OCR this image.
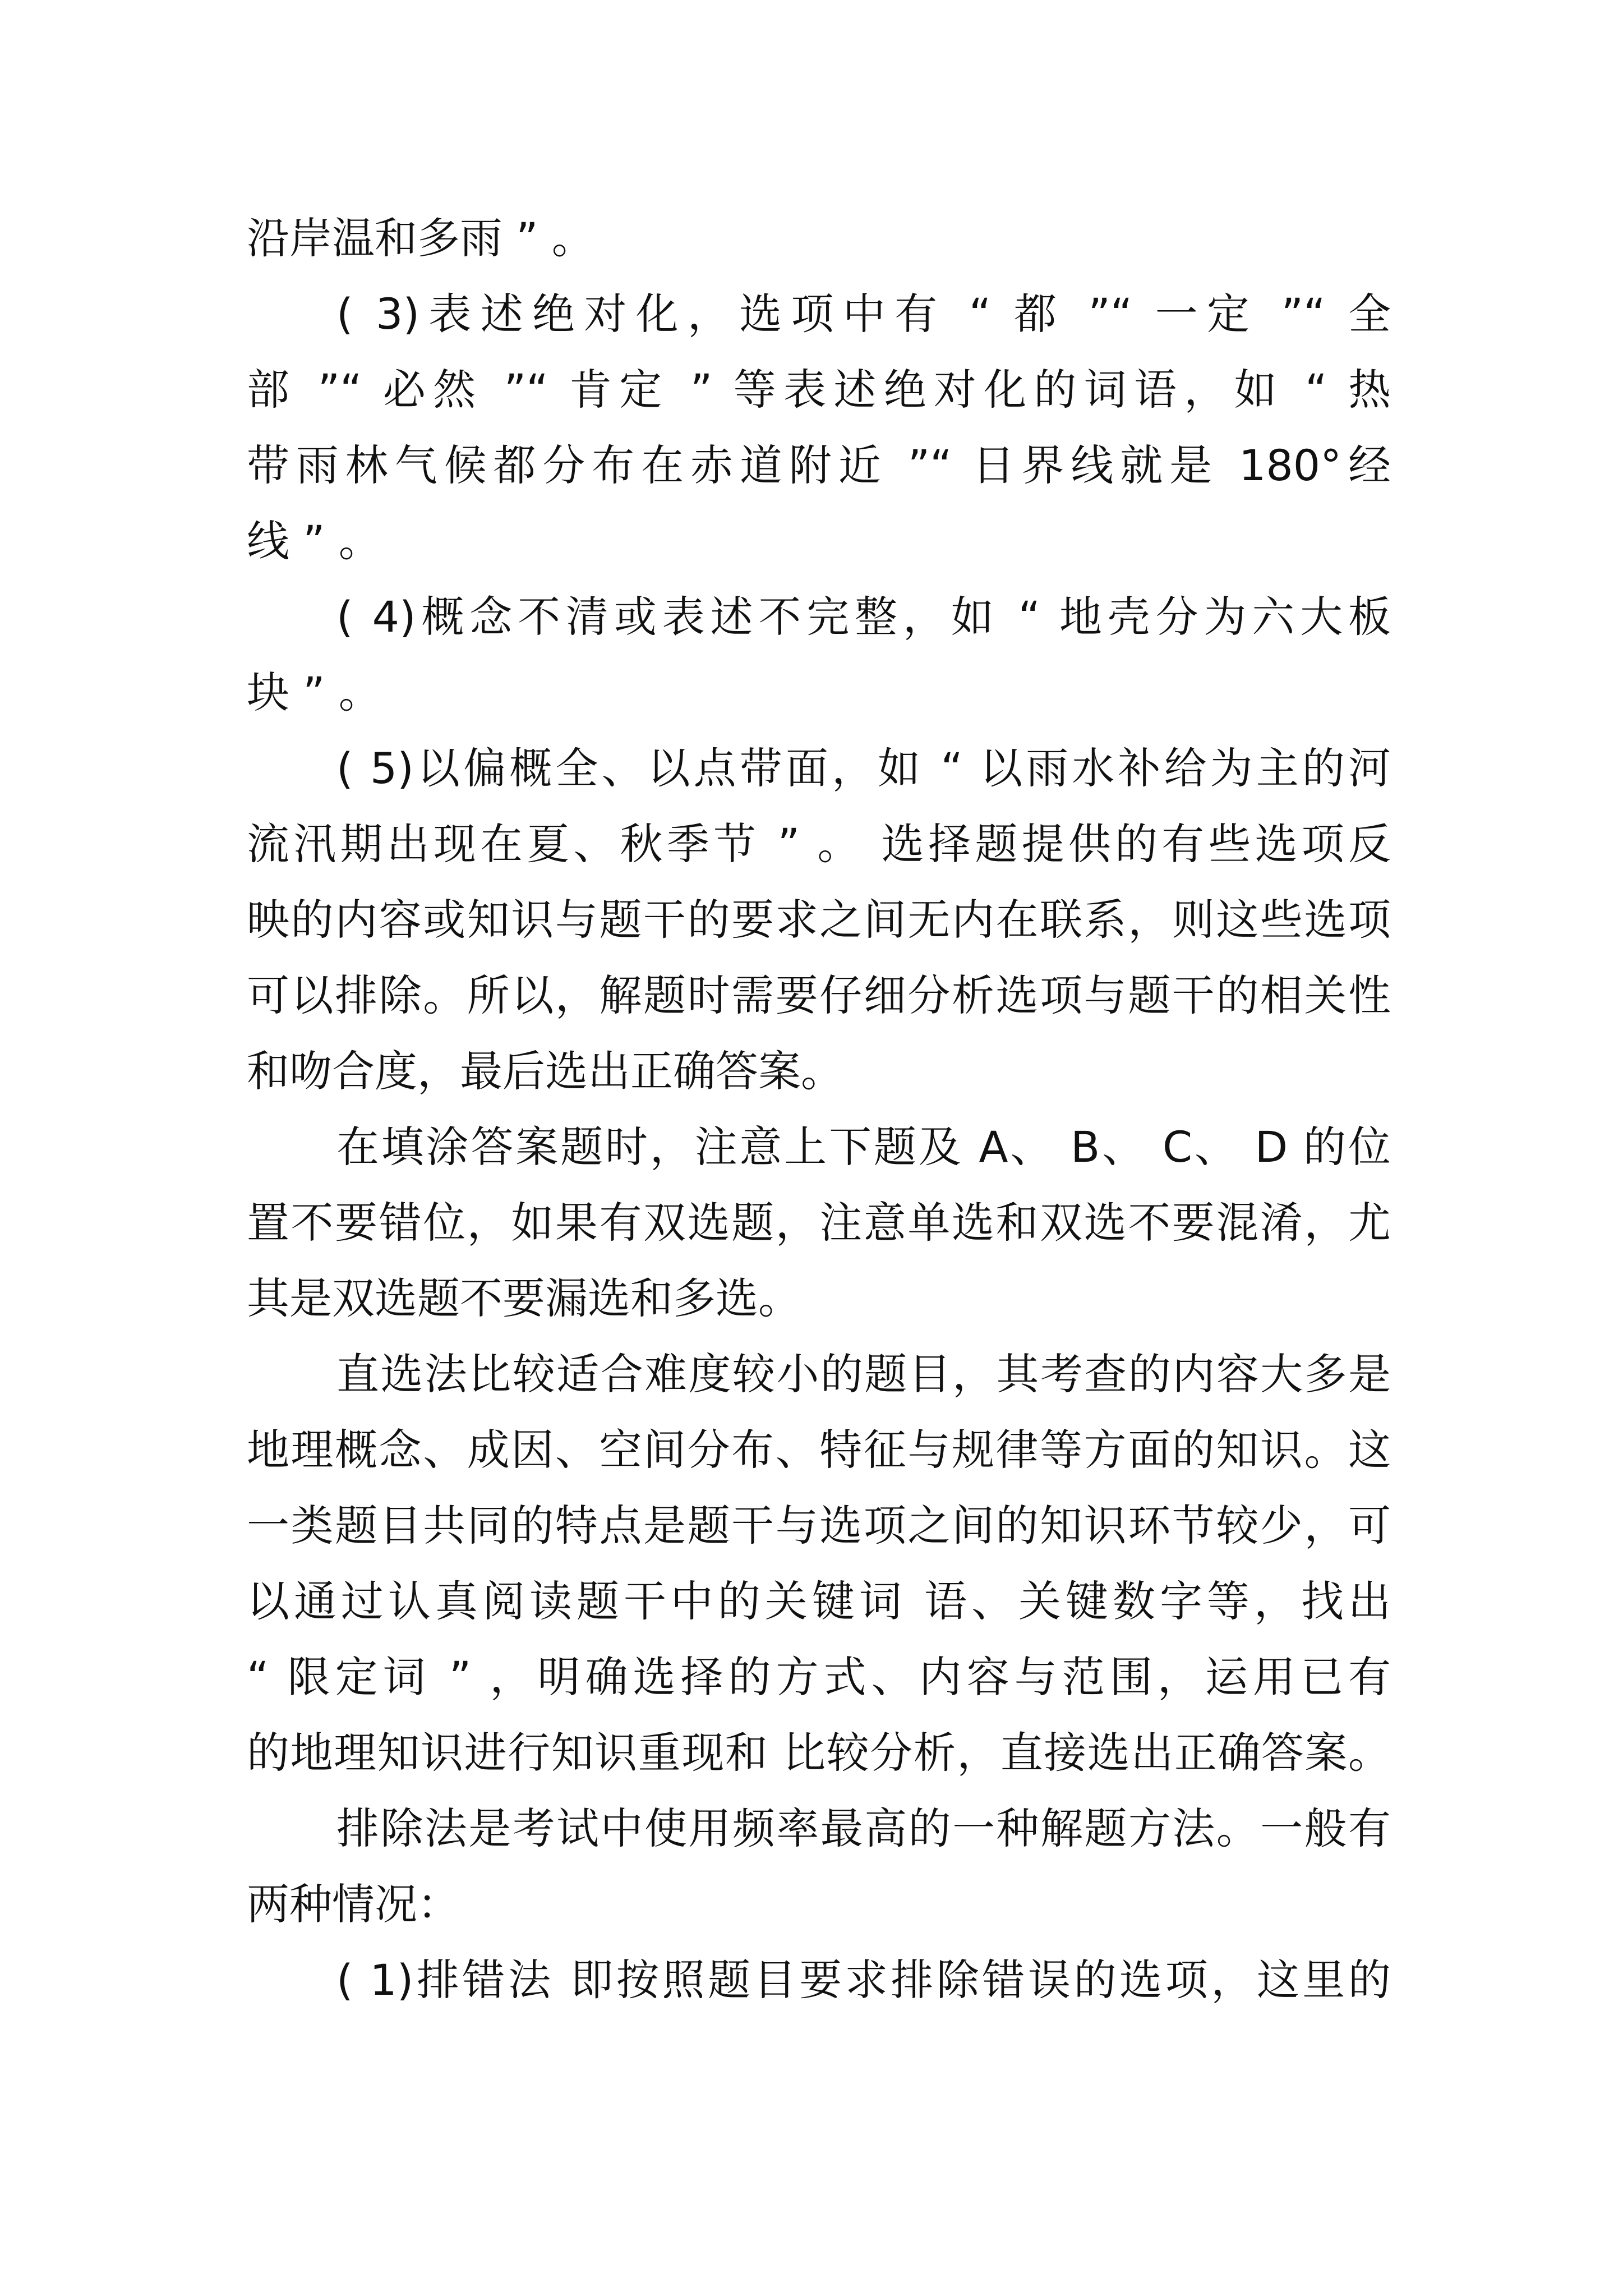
沿岸温和多雨 ” 。
( 3)表述绝对化，选项中有 “ 都 ”“ 一定 ”“ 全
部 ”“ 必然 ”“ 肯定 ” 等表述绝对化的词语，如 “ 热
带雨林气候都分布在赤道附近 ”“ 日界线就是 180°经
线 ” 。
( 4)概念不清或表述不完整，如 “ 地壳分为六大板
块 ” 。
( 5)以偏概全、以点带面，如 “ 以雨水补给为主的河
流汛期出现在夏、秋季节 ” 。 选择题提供的有些选项反
映的内容或知识与题干的要求之间无内在联系，则这些选项
可以排除。所以，解题时需要仔细分析选项与题干的相关性
和吻合度，最后选出正确答案。
在填涂答案题时，注意上下题及 A、 B、 C、 D 的位
置不要错位，如果有双选题，注意单选和双选不要混淆，尤
其是双选题不要漏选和多选。
直选法比较适合难度较小的题目，其考查的内容大多是
地理概念、成因、空间分布、特征与规律等方面的知识。这
一类题目共同的特点是题干与选项之间的知识环节较少，可
以通过认真阅读题干中的关键词 语、关键数字等，找出
“ 限定词 ” ，明确选择的方式、内容与范围，运用已有
的地理知识进行知识重现和 比较分析，直接选出正确答案。
排除法是考试中使用频率最高的一种解题方法。一般有
两种情况：
( 1)排错法 即按照题目要求排除错误的选项，这里的
